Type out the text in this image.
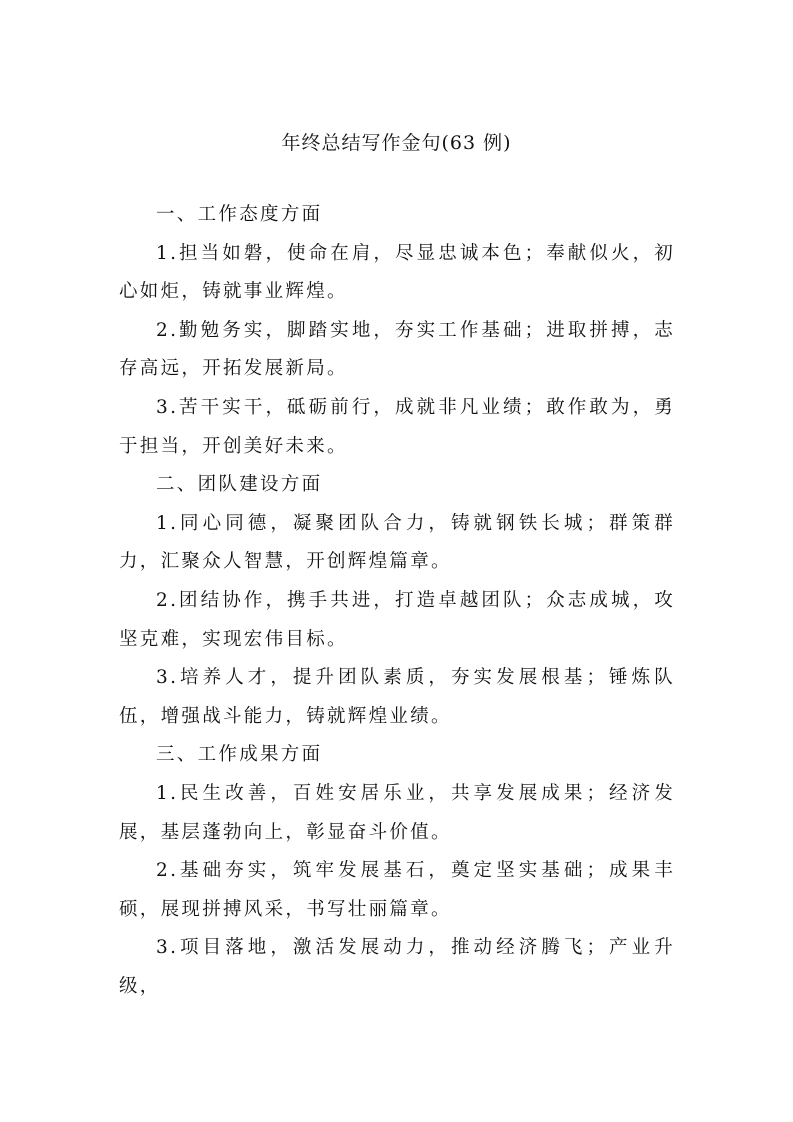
年终总结写作金句(63 例)

一、工作态度方面

1.担当如磐，使命在肩，尽显忠诚本色；奉献似火，初心如炬，铸就事业辉煌。

2.勤勉务实，脚踏实地，夯实工作基础；进取拼搏，志存高远，开拓发展新局。

3.苦干实干，砥砺前行，成就非凡业绩；敢作敢为，勇于担当，开创美好未来。

二、团队建设方面

1.同心同德，凝聚团队合力，铸就钢铁长城；群策群力，汇聚众人智慧，开创辉煌篇章。

2.团结协作，携手共进，打造卓越团队；众志成城，攻坚克难，实现宏伟目标。

3.培养人才，提升团队素质，夯实发展根基；锤炼队伍，增强战斗能力，铸就辉煌业绩。

三、工作成果方面

1.民生改善，百姓安居乐业，共享发展成果；经济发展，基层蓬勃向上，彰显奋斗价值。

2.基础夯实，筑牢发展基石，奠定坚实基础；成果丰硕，展现拼搏风采，书写壮丽篇章。

3.项目落地，激活发展动力，推动经济腾飞；产业升级，
